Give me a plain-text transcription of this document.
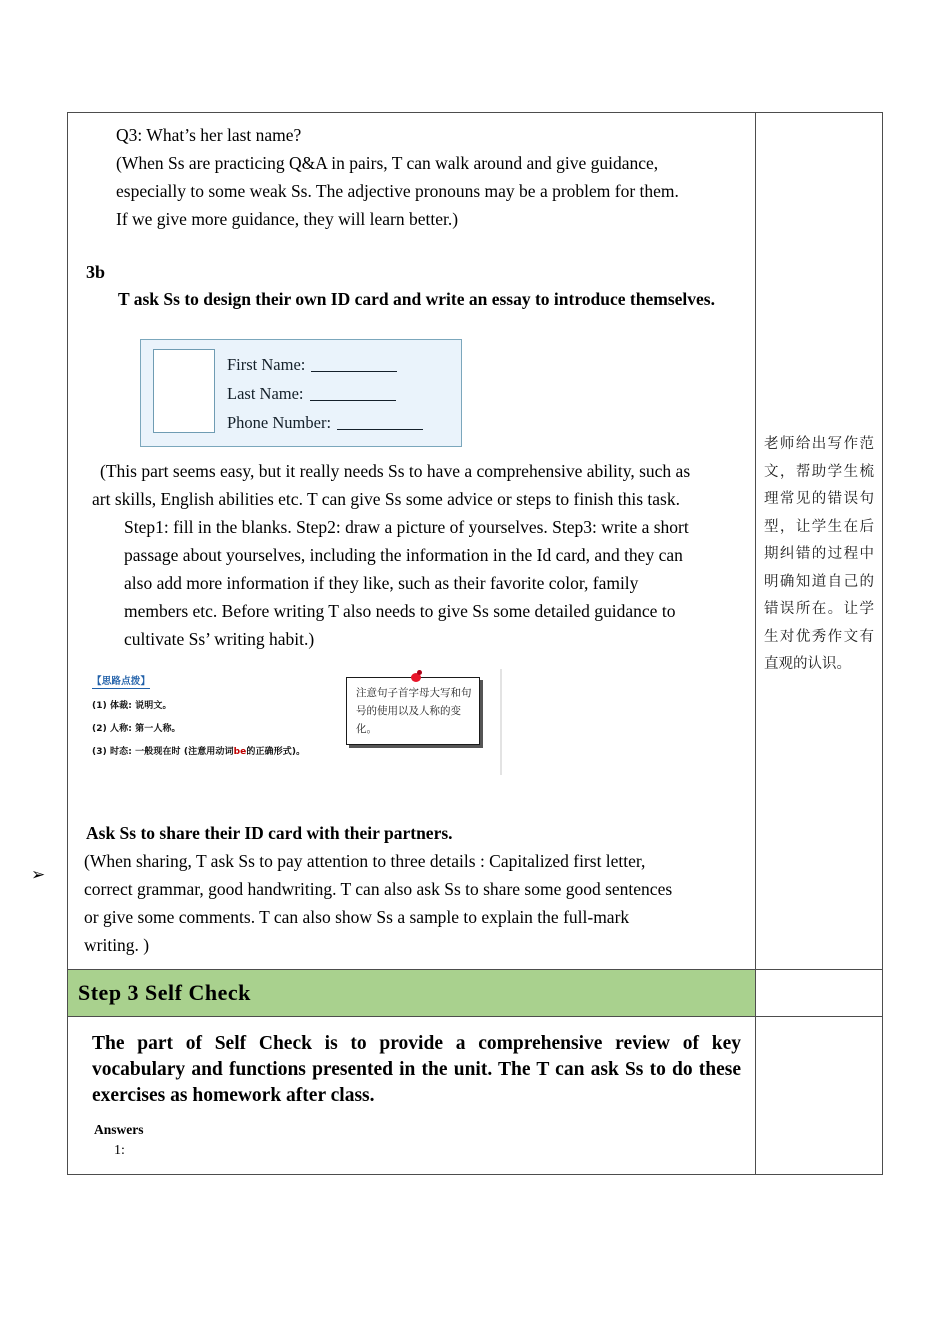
➢

Q3: What’s her last name?

(When Ss are practicing Q&A in pairs, T can walk around and give guidance,

especially to some weak Ss. The adjective pronouns may be a problem for them.

If we give more guidance, they will learn better.)

3b

T ask Ss to design their own ID card and write an essay to introduce themselves.

First Name:
Last Name:
Phone Number:

(This part seems easy, but it really needs Ss to have a comprehensive ability, such as

art skills, English abilities etc. T can give Ss some advice or steps to finish this task.

Step1: fill in the blanks. Step2: draw a picture of yourselves. Step3: write a short

passage about yourselves, including the information in the Id card, and they can

also add more information if they like, such as their favorite color, family

members etc. Before writing T also needs to give Ss some detailed guidance to

cultivate Ss’ writing habit.)

【思路点拨】
(1) 体裁: 说明文。
(2) 人称: 第一人称。
(3) 时态: 一般现在时 (注意用动词be的正确形式)。
注意句子首字母大写和句号的使用以及人称的变化。

Ask Ss to share their ID card with their partners.

(When sharing, T ask Ss to pay attention to three details : Capitalized first letter,

correct grammar, good handwriting. T can also ask Ss to share some good sentences

or give some comments. T can also show Ss a sample to explain the full-mark

writing. )

老师给出写作范文，帮助学生梳理常见的错误句型，让学生在后期纠错的过程中明确知道自己的错误所在。让学生对优秀作文有直观的认识。

Step 3 Self Check	

The part of Self Check is to provide a comprehensive review of key vocabulary and functions presented in the unit. The T can ask Ss to do these exercises as homework after class.

Answers
1:	
